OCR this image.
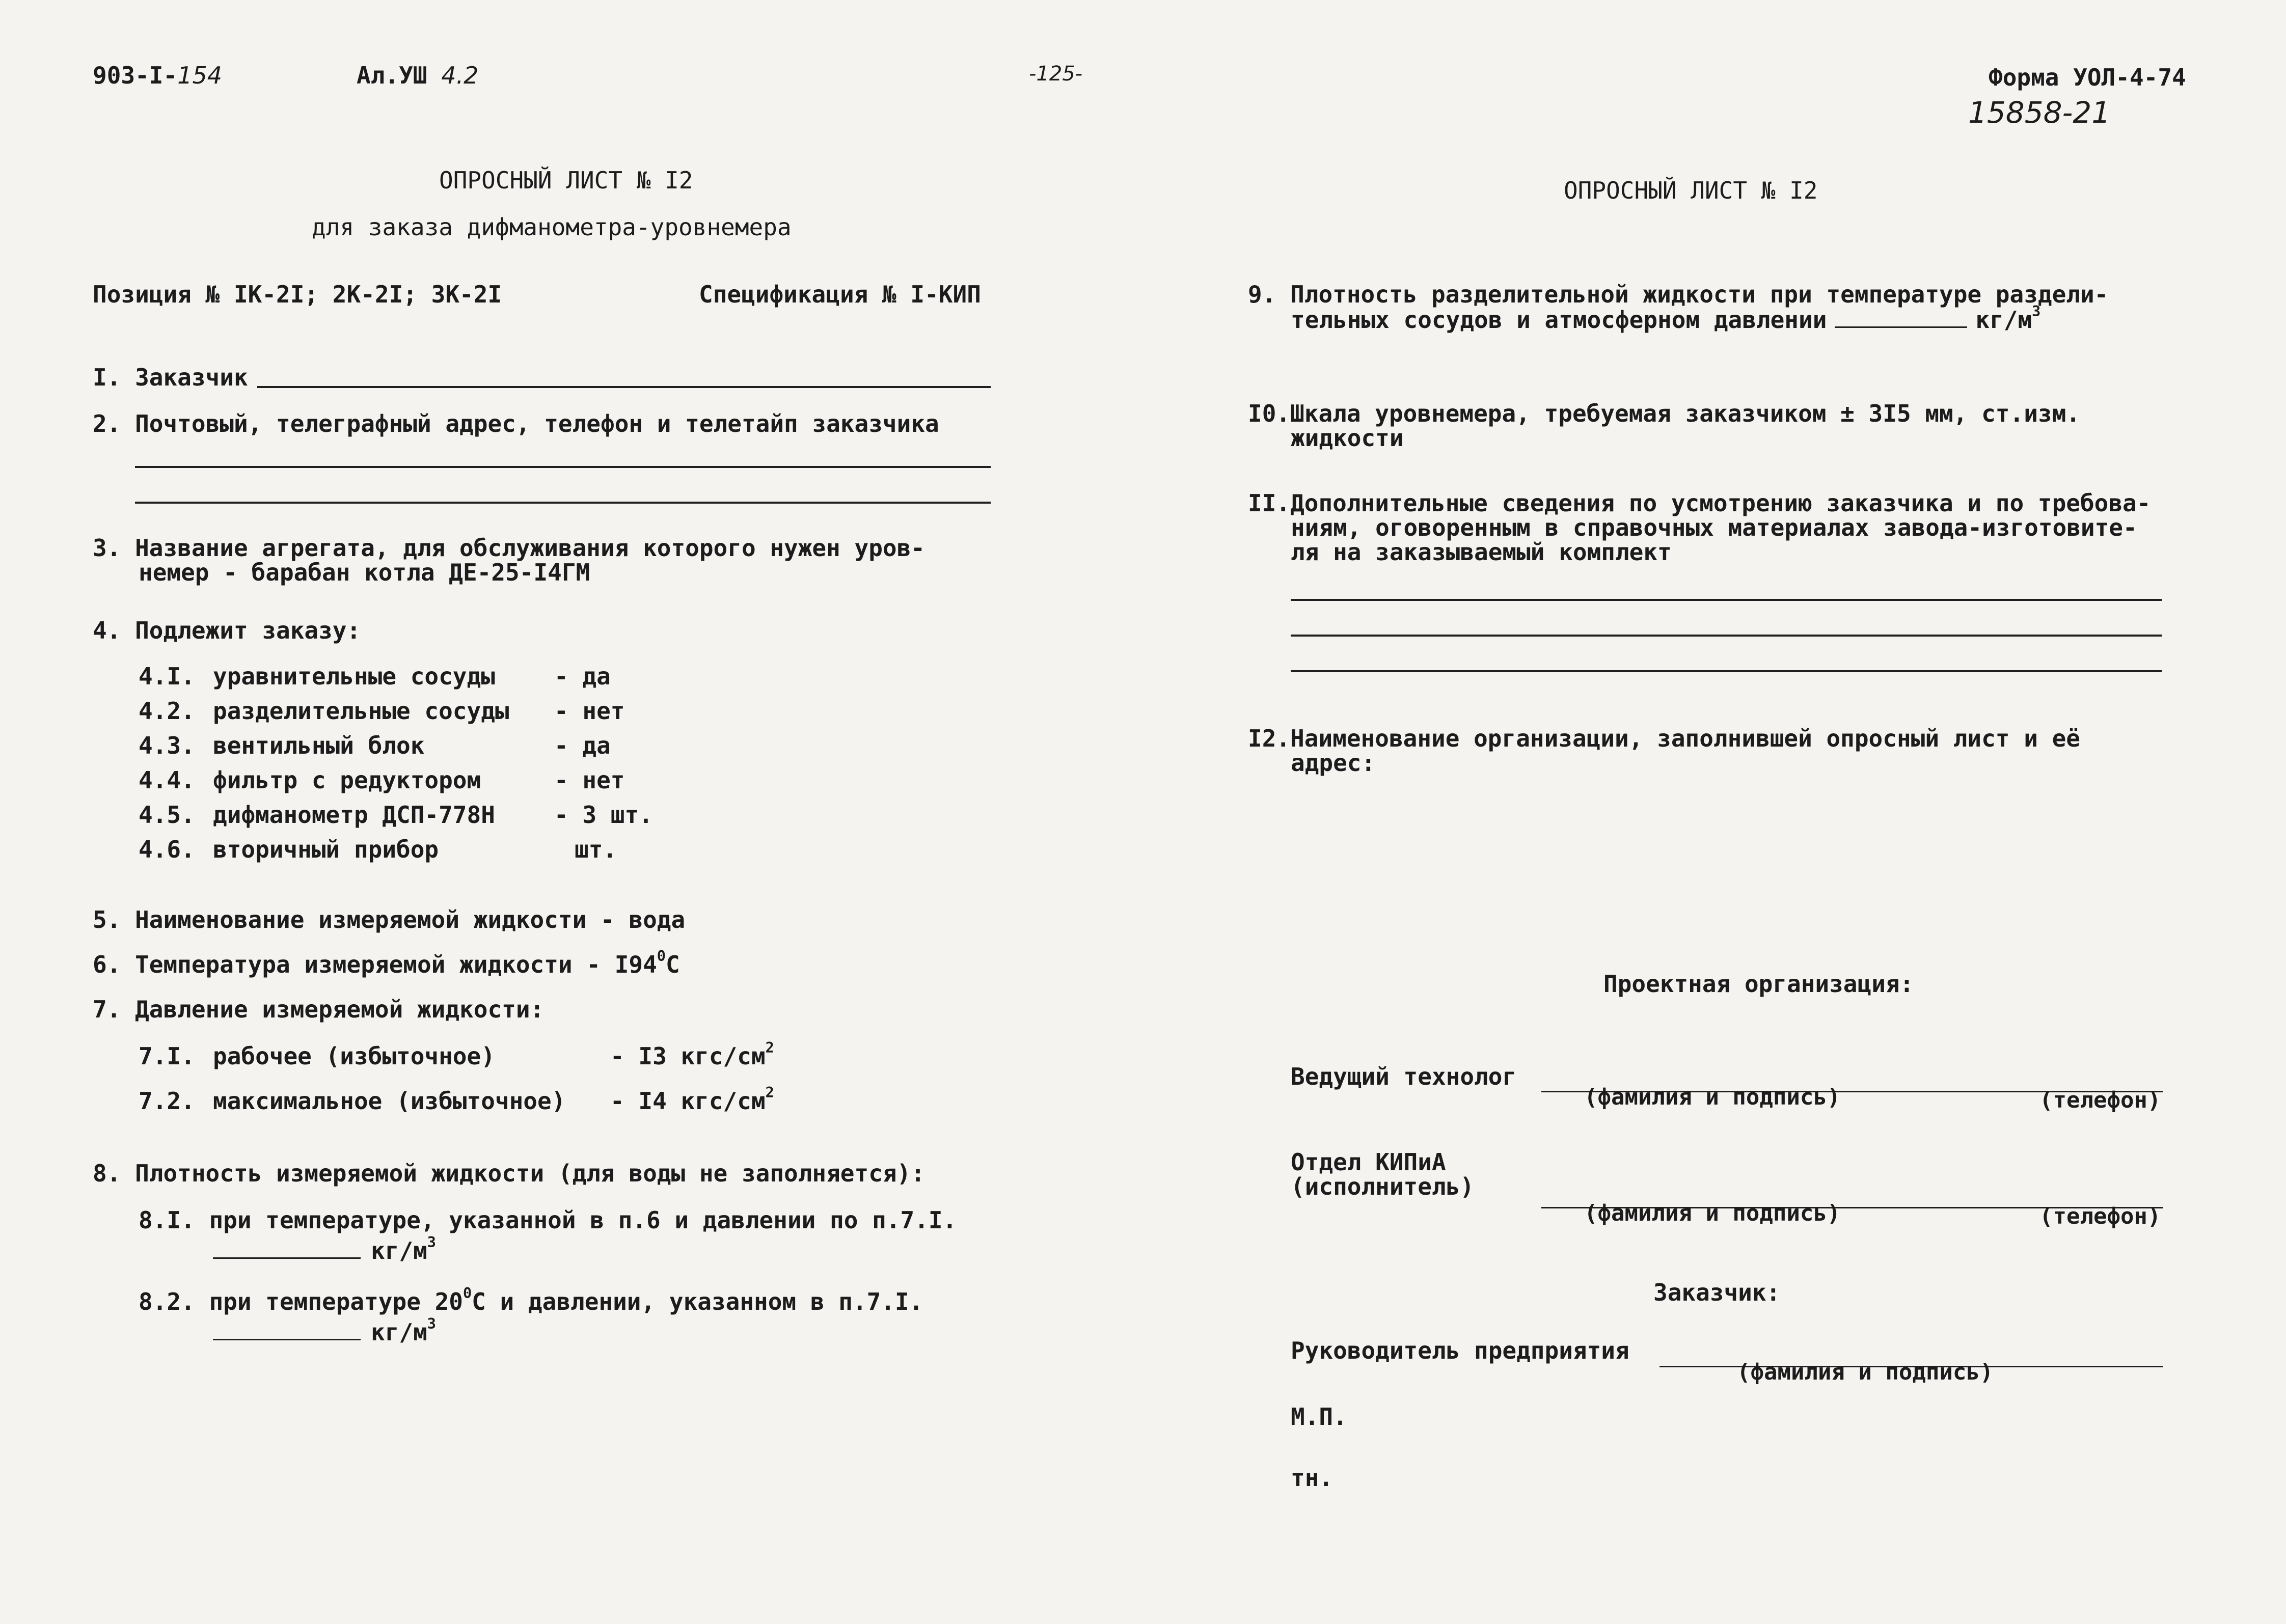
903-I-154	Ал.УШ 4.2	-125-
ОПРОСНЫЙ ЛИСТ № I2
для заказа дифманометра-уровнемера
Позиция № IК-2I; 2К-2I; 3К-2I	Спецификация № I-КИП
I. Заказчик
2. Почтовый, телеграфный адрес, телефон и телетайп заказчика
3. Название агрегата, для обслуживания которого нужен уров-
немер - барабан котла ДЕ-25-I4ГМ
4. Подлежит заказу:
4.I. уравнительные сосуды	- да
4.2. разделительные сосуды - нет
4.3. вентильный блок	- да
4.4. фильтр с редуктором	- нет
4.5. дифманометр ДСП-778Н	- 3 шт.
4.6. вторичный прибор	шт.
5. Наименование измеряемой жидкости - вода
6. Температура измеряемой жидкости - $I94^0С$
7. Давление измеряемой жидкости:
7.I. рабочее (избыточное)	- I3 кгс/$см^2$
7.2. максимальное (избыточное) - I4 кгс/$см^2$
8. Плотность измеряемой жидкости (для воды не заполняется):
8.I. при температуре, указанной в п.6 и давлении по п.7.I.
$кг/м^3$
8.2. при температуре $20^0С$ и давлении, указанном в п.7.I.
$кг/м^3$
Форма УОЛ-4-74
15858-21
ОПРОСНЫЙ ЛИСТ № I2
9. Плотность разделительной жидкости при температуре раздели-
тельных сосудов и атмосферном давлении	$кг/м^3$
I0.Шкала уровнемера, требуемая заказчиком ± 3I5 мм, ст.изм.
жидкости
II.Дополнительные сведения по усмотрению заказчика и по требова-
ниям, оговоренным в справочных материалах завода-изготовите-
ля на заказываемый комплект
I2.Наименование организации, заполнившей опросный лист и её
адрес:
Проектная организация:
Ведущий технолог
(фамилия и подпись)	(телефон)
Отдел КИПиА
(исполнитель)
(фамилия и подпись)	(телефон)
Заказчик:
Руководитель предприятия
(фамилия и подпись)
М.П.
тн.
